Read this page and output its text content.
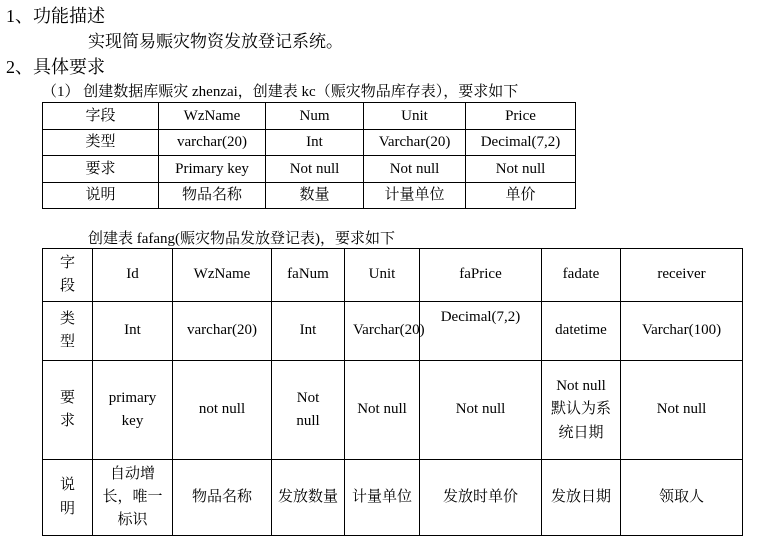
1、功能描述
实现简易赈灾物资发放登记系统。
2、具体要求
（1） 创建数据库赈灾 zhenzai，创建表 kc（赈灾物品库存表），要求如下
字段	WzName	Num	Unit	Price
类型	varchar(20)	Int	Varchar(20)	Decimal(7,2)
要求	Primary key	Not null	Not null	Not null
说明	物品名称	数量	计量单位	单价
创建表 fafang(赈灾物品发放登记表)，要求如下
字段	Id	WzName	faNum	Unit	faPrice	fadate	receiver

类型	Int	varchar(20)	Int	Varchar(20)	Decimal(7,2)	datetime	Varchar(100)

要求	primary key	not null	Not null	Not null	Not null	Not null默认为系统日期	Not null

说明	自动增长，唯一标识	物品名称	发放数量	计量单位	发放时单价	发放日期	领取人
